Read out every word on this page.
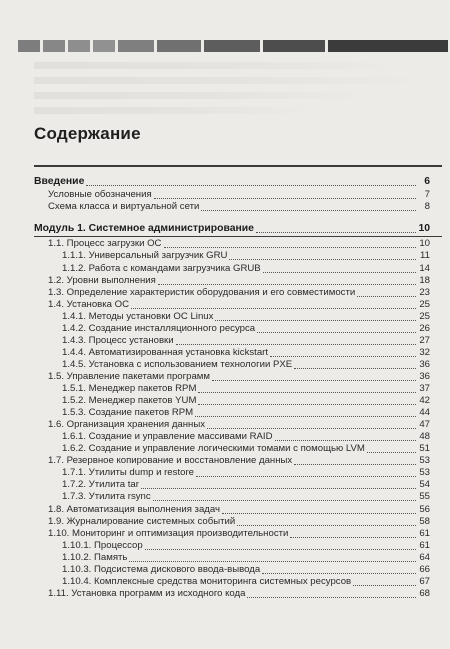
Содержание
Введение	6
Условные обозначения	7
Схема класса и виртуальной сети	8
Модуль 1. Системное администрирование	10
1.1. Процесс загрузки ОС	10
1.1.1. Универсальный загрузчик GRU	11
1.1.2. Работа с командами загрузчика GRUB	14
1.2. Уровни выполнения	18
1.3. Определение характеристик оборудования и его совместимости	23
1.4. Установка ОС	25
1.4.1. Методы установки ОС Linux	25
1.4.2. Создание инсталляционного ресурса	26
1.4.3. Процесс установки	27
1.4.4. Автоматизированная установка kickstart	32
1.4.5. Установка с использованием технологии PXE	36
1.5. Управление пакетами программ	36
1.5.1. Менеджер пакетов RPM	37
1.5.2. Менеджер пакетов YUM	42
1.5.3. Создание пакетов RPM	44
1.6. Организация хранения данных	47
1.6.1. Создание и управление массивами RAID	48
1.6.2. Создание и управление логическими томами с помощью LVM	51
1.7. Резервное копирование и восстановление данных	53
1.7.1. Утилиты dump и restore	53
1.7.2. Утилита tar	54
1.7.3. Утилита rsync	55
1.8. Автоматизация выполнения задач	56
1.9. Журналирование системных событий	58
1.10. Мониторинг и оптимизация производительности	61
1.10.1. Процессор	61
1.10.2. Память	64
1.10.3. Подсистема дискового ввода-вывода	66
1.10.4. Комплексные средства мониторинга системных ресурсов	67
1.11. Установка программ из исходного кода	68
